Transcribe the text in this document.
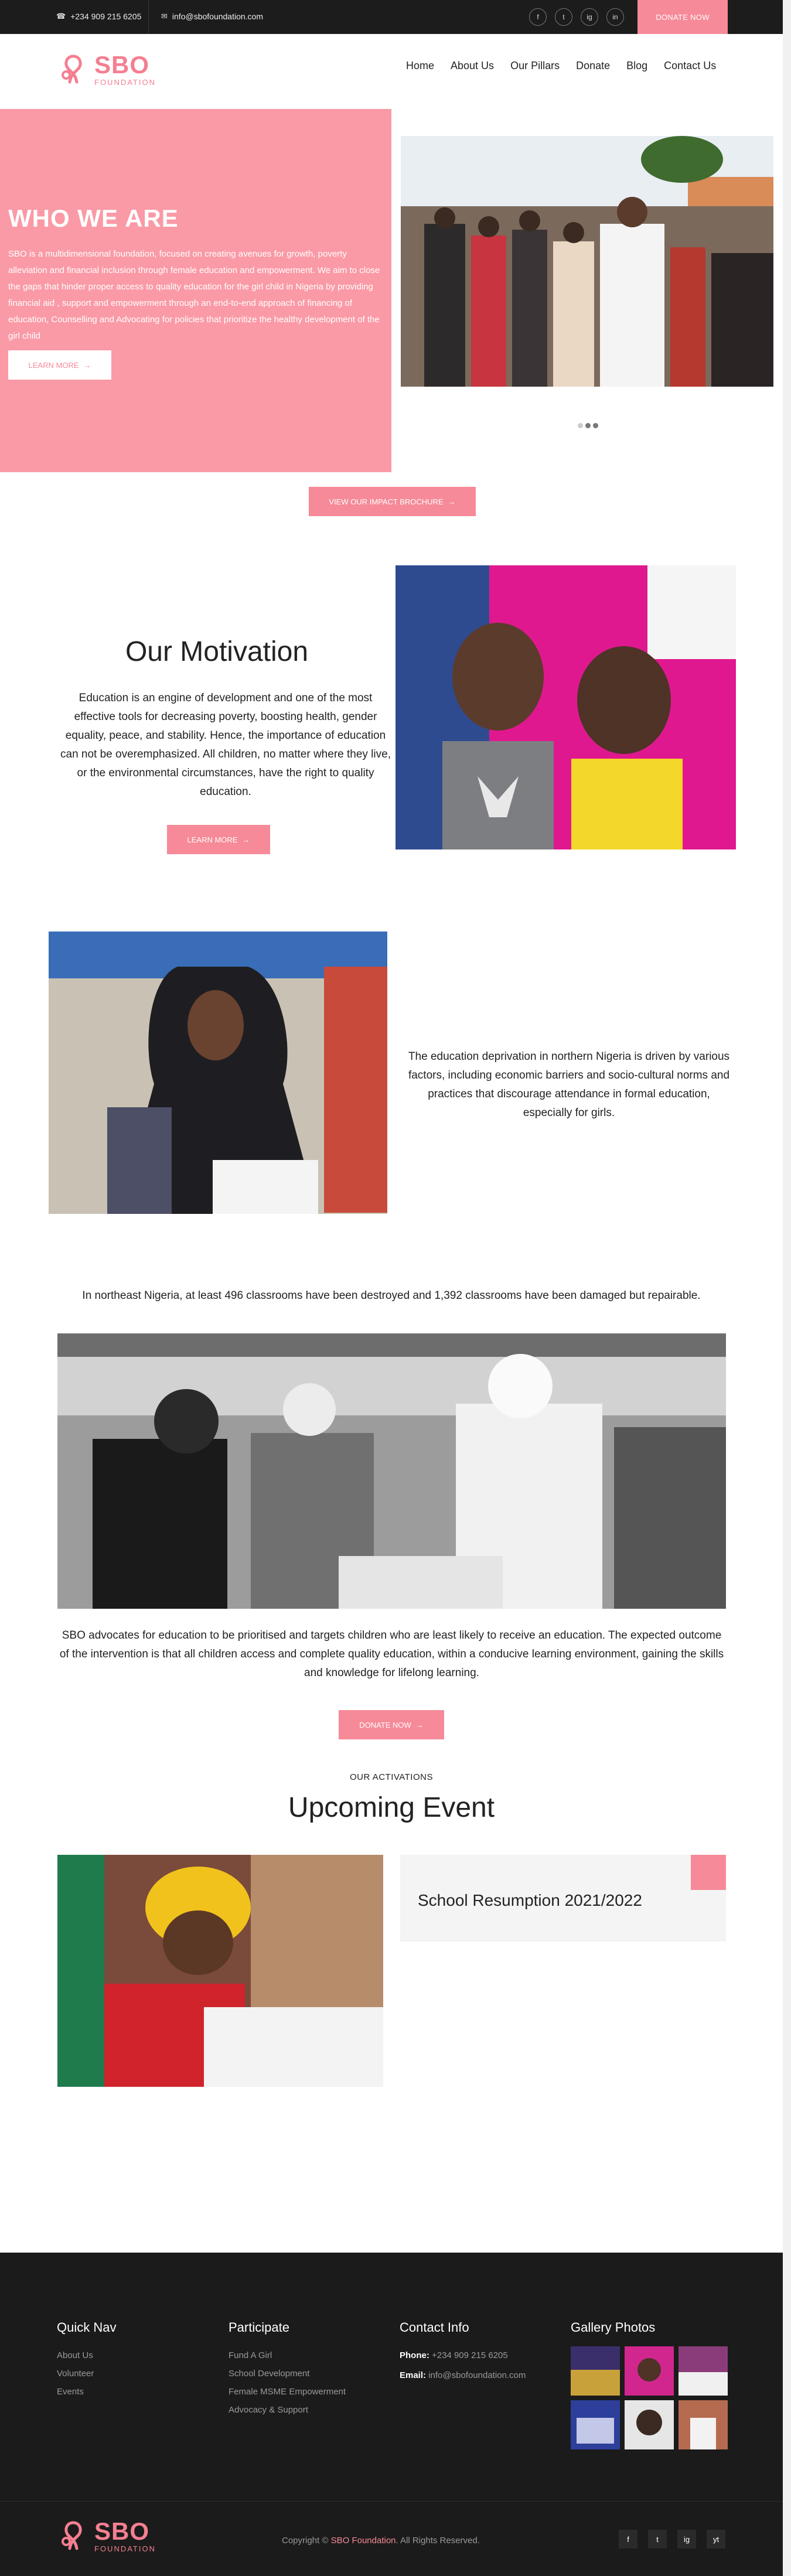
☎ +234 909 215 6205	✉ info@sbofoundation.com	f	t	ig	in	DONATE NOW
SBO
FOUNDATION
Home About Us Our Pillars Donate Blog Contact Us
WHO WE ARE
SBO is a multidimensional foundation, focused on creating avenues for growth, poverty alleviation and financial inclusion through female education and empowerment. We aim to close the gaps that hinder proper access to quality education for the girl child in Nigeria by providing financial aid , support and empowerment through an end-to-end approach of financing of education, Counselling and Advocating for policies that prioritize the healthy development of the girl child
LEARN MORE →
VIEW OUR IMPACT BROCHURE →
Our Motivation
Education is an engine of development and one of the most effective tools for decreasing poverty, boosting health, gender equality, peace, and stability. Hence, the importance of education can not be overemphasized. All children, no matter where they live, or the environmental circumstances, have the right to quality education.
LEARN MORE →
The education deprivation in northern Nigeria is driven by various factors, including economic barriers and socio-cultural norms and practices that discourage attendance in formal education, especially for girls.
In northeast Nigeria, at least 496 classrooms have been destroyed and 1,392 classrooms have been damaged but repairable.
SBO advocates for education to be prioritised and targets children who are least likely to receive an education. The expected outcome of the intervention is that all children access and complete quality education, within a conducive learning environment, gaining the skills and knowledge for lifelong learning.
DONATE NOW →
OUR ACTIVATIONS
Upcoming Event
School Resumption 2021/2022
Quick Nav
About Us
Volunteer
Events
Participate
Fund A Girl
School Development
Female MSME Empowerment
Advocacy & Support
Contact Info
Phone: +234 909 215 6205
Email: info@sbofoundation.com
Gallery Photos
SBO
FOUNDATION
Copyright © SBO Foundation. All Rights Reserved.	f	t	ig	yt
